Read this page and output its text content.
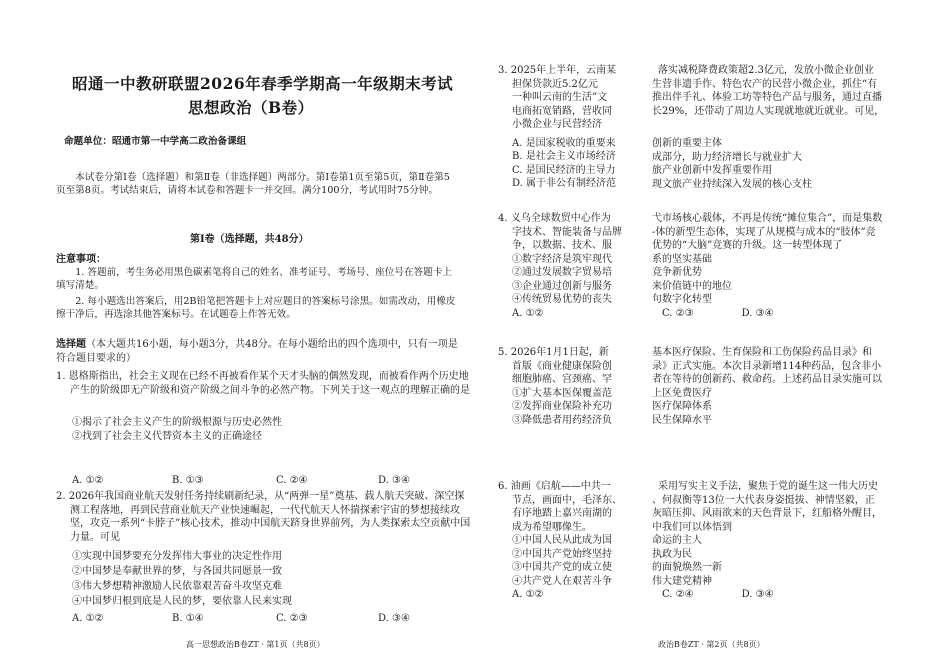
昭通一中教研联盟2026年春季学期高一年级期末考试

思想政治（B卷）

命题单位：昭通市第一中学高二政治备课组

本试卷分第Ⅰ卷（选择题）和第Ⅱ卷（非选择题）两部分。第Ⅰ卷第1页至第5页，第Ⅱ卷第5页至第8页。考试结束后，请将本试卷和答题卡一并交回。满分100分，考试用时75分钟。

第Ⅰ卷（选择题，共48分）

注意事项：

1. 答题前，考生务必用黑色碳素笔将自己的姓名、准考证号、考场号、座位号在答题卡上填写清楚。

2. 每小题选出答案后，用2B铅笔把答题卡上对应题目的答案标号涂黑。如需改动，用橡皮擦干净后，再选涂其他答案标号。在试题卷上作答无效。

选择题（本大题共16小题，每小题3分，共48分。在每小题给出的四个选项中，只有一项是符合题目要求的）

1. 恩格斯指出，社会主义现在已经不再被看作某个天才头脑的偶然发现，而被看作两个历史地产生的阶级即无产阶级和资产阶级之间斗争的必然产物。下列关于这一观点的理解正确的是

①揭示了社会主义产生的阶级根源与历史必然性

②找到了社会主义代替资本主义的正确途径

A. ①②	B. ①③	C. ②④	D. ③④

2. 2026年我国商业航天发射任务持续刷新纪录，从“两弹一星”奠基、载人航天突破、深空探测工程落地，再到民营商业航天产业快速崛起，一代代航天人怀揣探索宇宙的梦想接续攻坚，攻克一系列“卡脖子”核心技术，推动中国航天跻身世界前列，为人类探索太空贡献中国力量。可见

①实现中国梦要充分发挥伟大事业的决定性作用

②中国梦是奉献世界的梦，与各国共同愿景一致

③伟大梦想精神激励人民依靠艰苦奋斗攻坚克难

④中国梦归根到底是人民的梦，要依靠人民来实现

A. ①②	B. ①④	C. ②③	D. ③④

高一思想政治B卷ZT · 第1页（共8页）

3. 2025年上半年，云南某
担保贷款近5.2亿元
一种叫云南的生活”文
电商拓宽销路，营收同
小微企业与民营经济
A. 是国家税收的重要来
B. 是社会主义市场经济
C. 是国民经济的主导力
D. 属于非公有制经济范
4. 义乌全球数贸中心作为
字技术、智能装备与品牌
争，以数据、技术、服
①数字经济是筑牢现代
②通过发展数字贸易培
③企业通过创新与服务
④传统贸易优势的丧失
A. ①②
5. 2026年1月1日起，新
首版《商业健康保险创
细胞肺癌、宫颈癌、罕
①扩大基本医保覆盖范
②发挥商业保险补充功
③降低患者用药经济负
6. 油画《启航——中共一
节点，画面中，毛泽东、
有序地踏上嘉兴南湖的
成为希望哪像生。
①中国人民从此成为国
②中国共产党始终坚持
③中国共产党的成立使
④共产党人在艰苦斗争
A. ①②
落实减税降费政策超2.3亿元，发放小微企业创业
生营非遗手作、特色农产的民营小微企业，抓住“有
推出伴手礼、体验工坊等特色产品与服务，通过直播
长29%，还带动了周边人实现就地就近就业。可见，
创新的重要主体
成部分，助力经济增长与就业扩大
旅产业创新中发挥重要作用
现文旅产业持续深入发展的核心支柱
弋市场核心载体，不再是传统“摊位集合”，而是集数
-体的新型生态体，实现了从规模与成本的“肢体”竞
优势的“大脑”竞赛的升级。这一转型体现了
系的坚实基础
竞争新优势
来价值链中的地位
句数字化转型
C. ②③	D. ③④
基本医疗保险、生育保险和工伤保险药品目录》和
录》正式实施。本次目录新增114种药品，包含非小
者在等待的创新药、救命药。上述药品目录实施可以
上区免费医疗
医疗保障体系
民生保障水平
采用写实主义手法，聚焦于党的诞生这一伟大历史
、何叔衡等13位一大代表身姿挺拔、神情坚毅，正
灰暗压抑、风雨欲来的天色背景下，红船格外醒目，
中我们可以体悟到
命运的主人
执政为民
的面貌焕然一新
伟大建党精神
C. ②④	D. ③④

政治B卷ZT · 第2页（共8页）
